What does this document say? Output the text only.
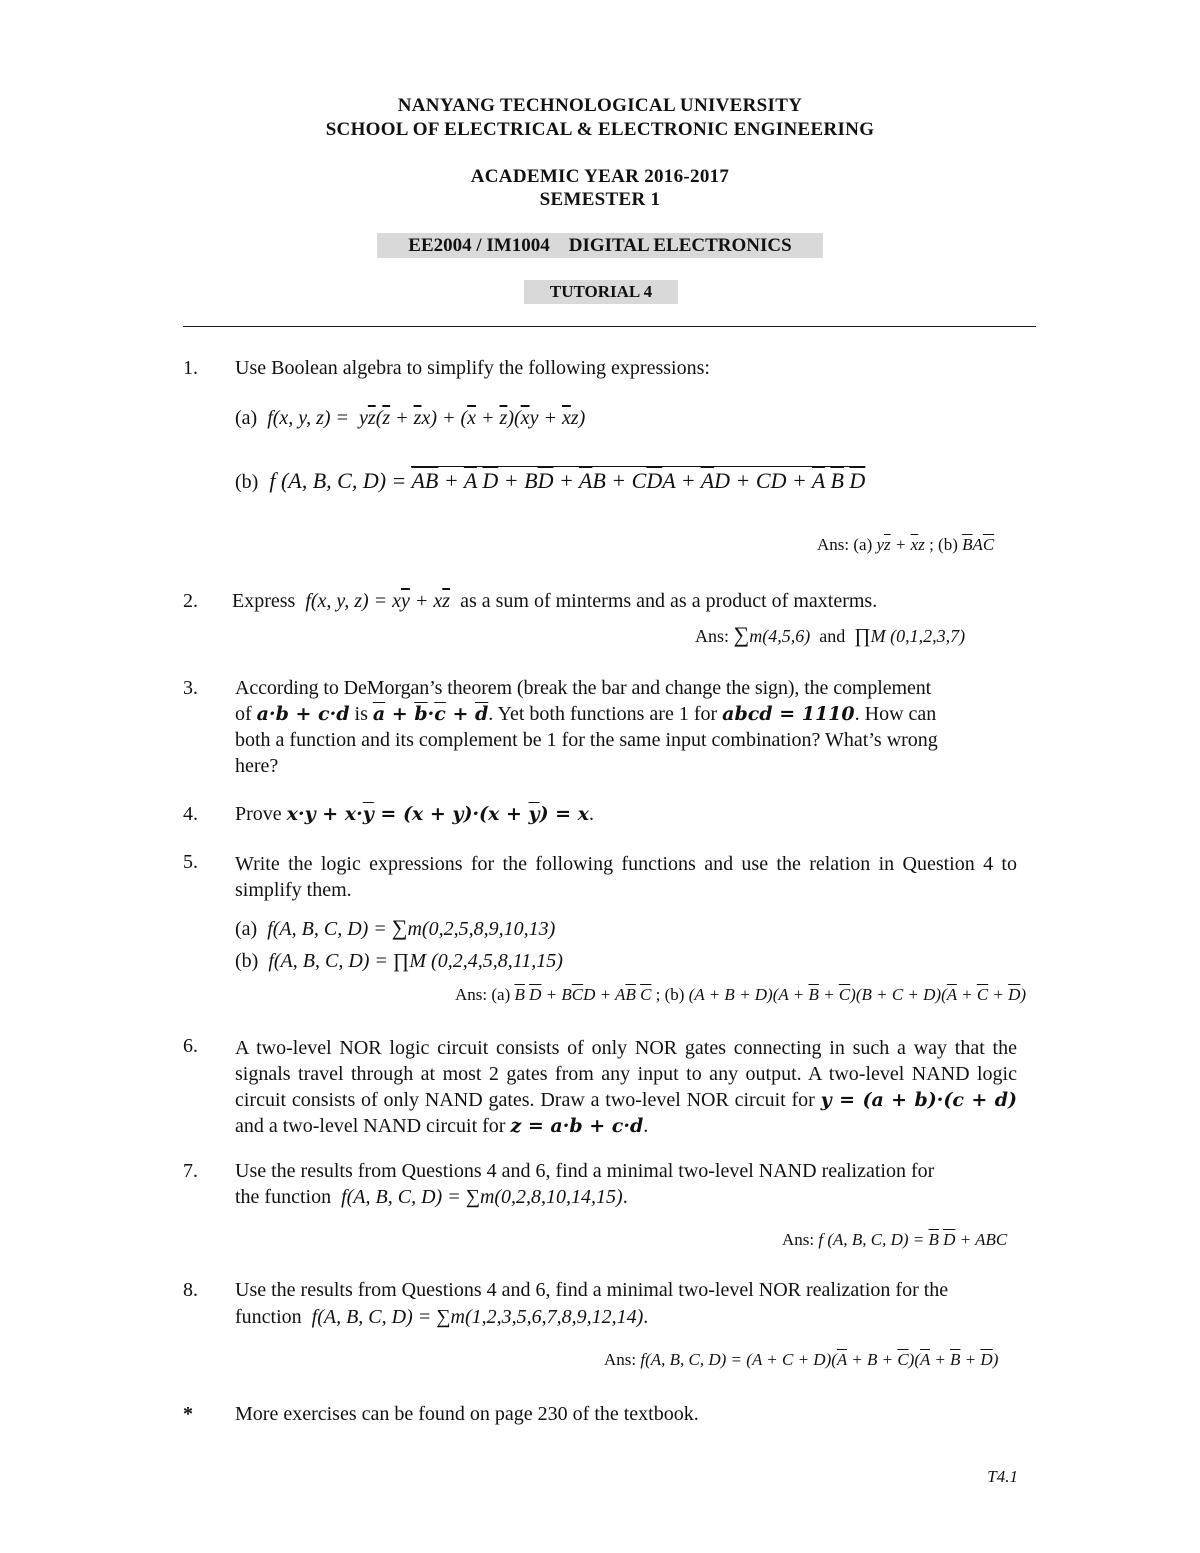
NANYANG TECHNOLOGICAL UNIVERSITY
SCHOOL OF ELECTRICAL & ELECTRONIC ENGINEERING
ACADEMIC YEAR 2016-2017
SEMESTER 1
EE2004 / IM1004    DIGITAL ELECTRONICS
TUTORIAL 4
1. Use Boolean algebra to simplify the following expressions:
(a)  f(x, y, $z) = y\overline{z}(\overline{z} + \overline{z}x) + (\overline{x} + \overline{z})(\overline{x}y + \overline{x}z)$
(b)  f (A, B, C, $D) = \overline{AB} + \overline{A}$ $\overline{D} + B\overline{D} + \overline{A}B + C\overline{D}A + \overline{A}D$ + CD + $\overline{A}$ $\overline{B}$ $\overline{D}$
Ans: (a) $y\overline{z} + \overline{x}z$ ; (b) $\overline{B}A\overline{C}$
2. Express  f(x, y, $z) = x\overline{y} + x\overline{z}$ as a sum of minterms and as a product of maxterms.
Ans: ∑m(4,5,6) and ∏M (0,1,2,3,7)
3. According to DeMorgan’s theorem (break the bar and change the sign), the complement
of a·b + c·d is $\overline{a} + \overline{b}\cdot\overline{c} + \overline{d}$. Yet both functions are 1 for abcd = 1110. How can
both a function and its complement be 1 for the same input combination? What’s wrong
here?
4. Prove $x\cdot y + x\cdot\overline{y} = (x + y)\cdot(x + \overline{y}) = x$.
5. Write the logic expressions for the following functions and use the relation in Question 4 to simplify them.
(a)  f(A, B, C, D) = ∑m(0,2,5,8,9,10,13)
(b)  f(A, B, C, D) = ∏M (0,2,4,5,8,11,15)
Ans: (a) $\overline{B}$ $\overline{D} + B\overline{C}D + A\overline{B}$ $\overline{C}$ ; (b) $(A + B + D)(A + \overline{B} + \overline{C})(B + C + D)(\overline{A} + \overline{C} + \overline{D})$
6. A two-level NOR logic circuit consists of only NOR gates connecting in such a way that the signals travel through at most 2 gates from any input to any output. A two-level NAND logic circuit consists of only NAND gates. Draw a two-level NOR circuit for y = (a + b)·(c + d) and a two-level NAND circuit for z = a·b + c·d.
7. Use the results from Questions 4 and 6, find a minimal two-level NAND realization for
the function  f(A, B, C, D) = ∑m(0,2,8,10,14,15).
Ans: f (A, B, C, $D) = \overline{B}$ $\overline{D}$ + ABC
8. Use the results from Questions 4 and 6, find a minimal two-level NOR realization for the
function  f(A, B, C, D) = ∑m(1,2,3,5,6,7,8,9,12,14).
Ans: f(A, B, C, $D) = (A + C + D)(\overline{A} + B + \overline{C})(\overline{A} + \overline{B} + \overline{D})$
* More exercises can be found on page 230 of the textbook.
T4.1
